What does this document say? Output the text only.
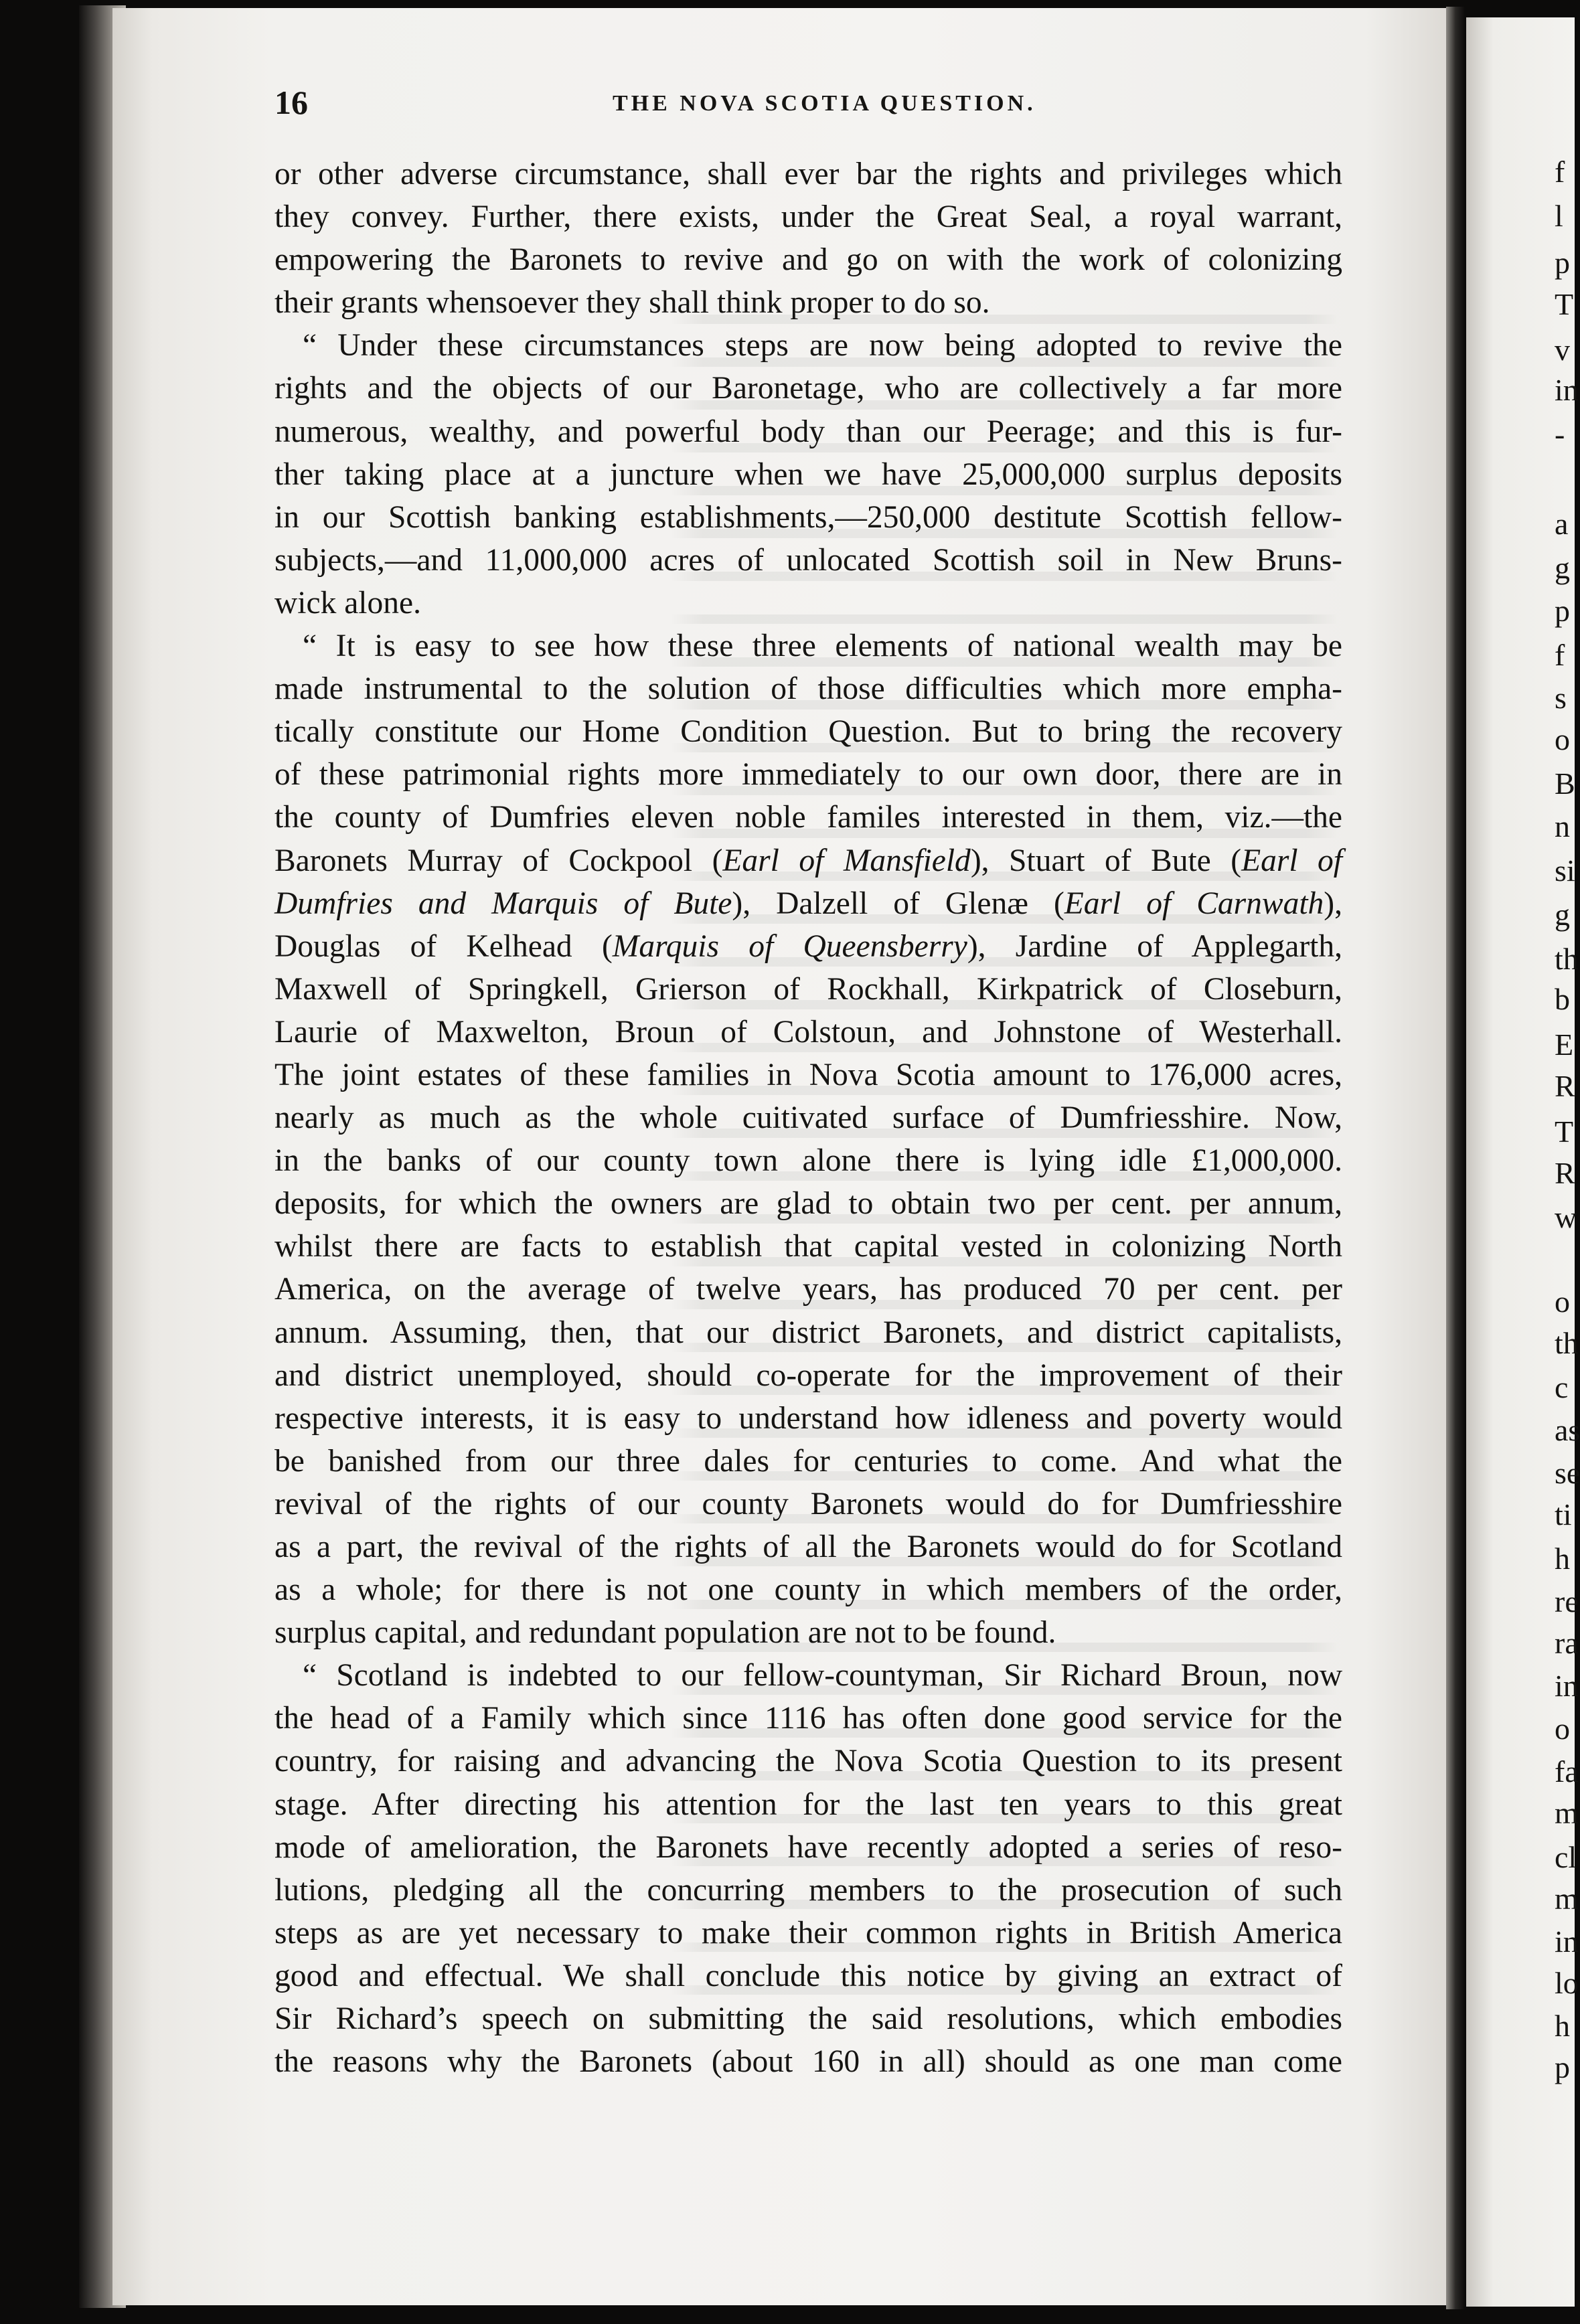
16	THE NOVA SCOTIA QUESTION.
or other adverse circumstance, shall ever bar the rights and privileges which
they convey. Further, there exists, under the Great Seal, a royal warrant,
empowering the Baronets to revive and go on with the work of colonizing
their grants whensoever they shall think proper to do so.
“ Under these circumstances steps are now being adopted to revive the
rights and the objects of our Baronetage, who are collectively a far more
numerous, wealthy, and powerful body than our Peerage; and this is fur-
ther taking place at a juncture when we have 25,000,000 surplus deposits
in our Scottish banking establishments,—250,000 destitute Scottish fellow-
subjects,—and 11,000,000 acres of unlocated Scottish soil in New Bruns-
wick alone.
“ It is easy to see how these three elements of national wealth may be
made instrumental to the solution of those difficulties which more empha-
tically constitute our Home Condition Question. But to bring the recovery
of these patrimonial rights more immediately to our own door, there are in
the county of Dumfries eleven noble familes interested in them, viz.—the
Baronets Murray of Cockpool (Earl of Mansfield), Stuart of Bute (Earl of
Dumfries and Marquis of Bute), Dalzell of Glenæ (Earl of Carnwath),
Douglas of Kelhead (Marquis of Queensberry), Jardine of Applegarth,
Maxwell of Springkell, Grierson of Rockhall, Kirkpatrick of Closeburn,
Laurie of Maxwelton, Broun of Colstoun, and Johnstone of Westerhall.
The joint estates of these families in Nova Scotia amount to 176,000 acres,
nearly as much as the whole cuitivated surface of Dumfriesshire. Now,
in the banks of our county town alone there is lying idle £1,000,000.
deposits, for which the owners are glad to obtain two per cent. per annum,
whilst there are facts to establish that capital vested in colonizing North
America, on the average of twelve years, has produced 70 per cent. per
annum. Assuming, then, that our district Baronets, and district capitalists,
and district unemployed, should co-operate for the improvement of their
respective interests, it is easy to understand how idleness and poverty would
be banished from our three dales for centuries to come. And what the
revival of the rights of our county Baronets would do for Dumfriesshire
as a part, the revival of the rights of all the Baronets would do for Scotland
as a whole; for there is not one county in which members of the order,
surplus capital, and redundant population are not to be found.
“ Scotland is indebted to our fellow-countyman, Sir Richard Broun, now
the head of a Family which since 1116 has often done good service for the
country, for raising and advancing the Nova Scotia Question to its present
stage. After directing his attention for the last ten years to this great
mode of amelioration, the Baronets have recently adopted a series of reso-
lutions, pledging all the concurring members to the prosecution of such
steps as are yet necessary to make their common rights in British America
good and effectual. We shall conclude this notice by giving an extract of
Sir Richard’s speech on submitting the said resolutions, which embodies
the reasons why the Baronets (about 160 in all) should as one man come
f
l
p
T
v
in
-
a
g
p
f
s
o
B
n
si
g
th
b
E
R
T
R
w
o
th
c
as
se
ti
h
re
ra
in
o
fa
m
cl
m
in
lo
h
p
